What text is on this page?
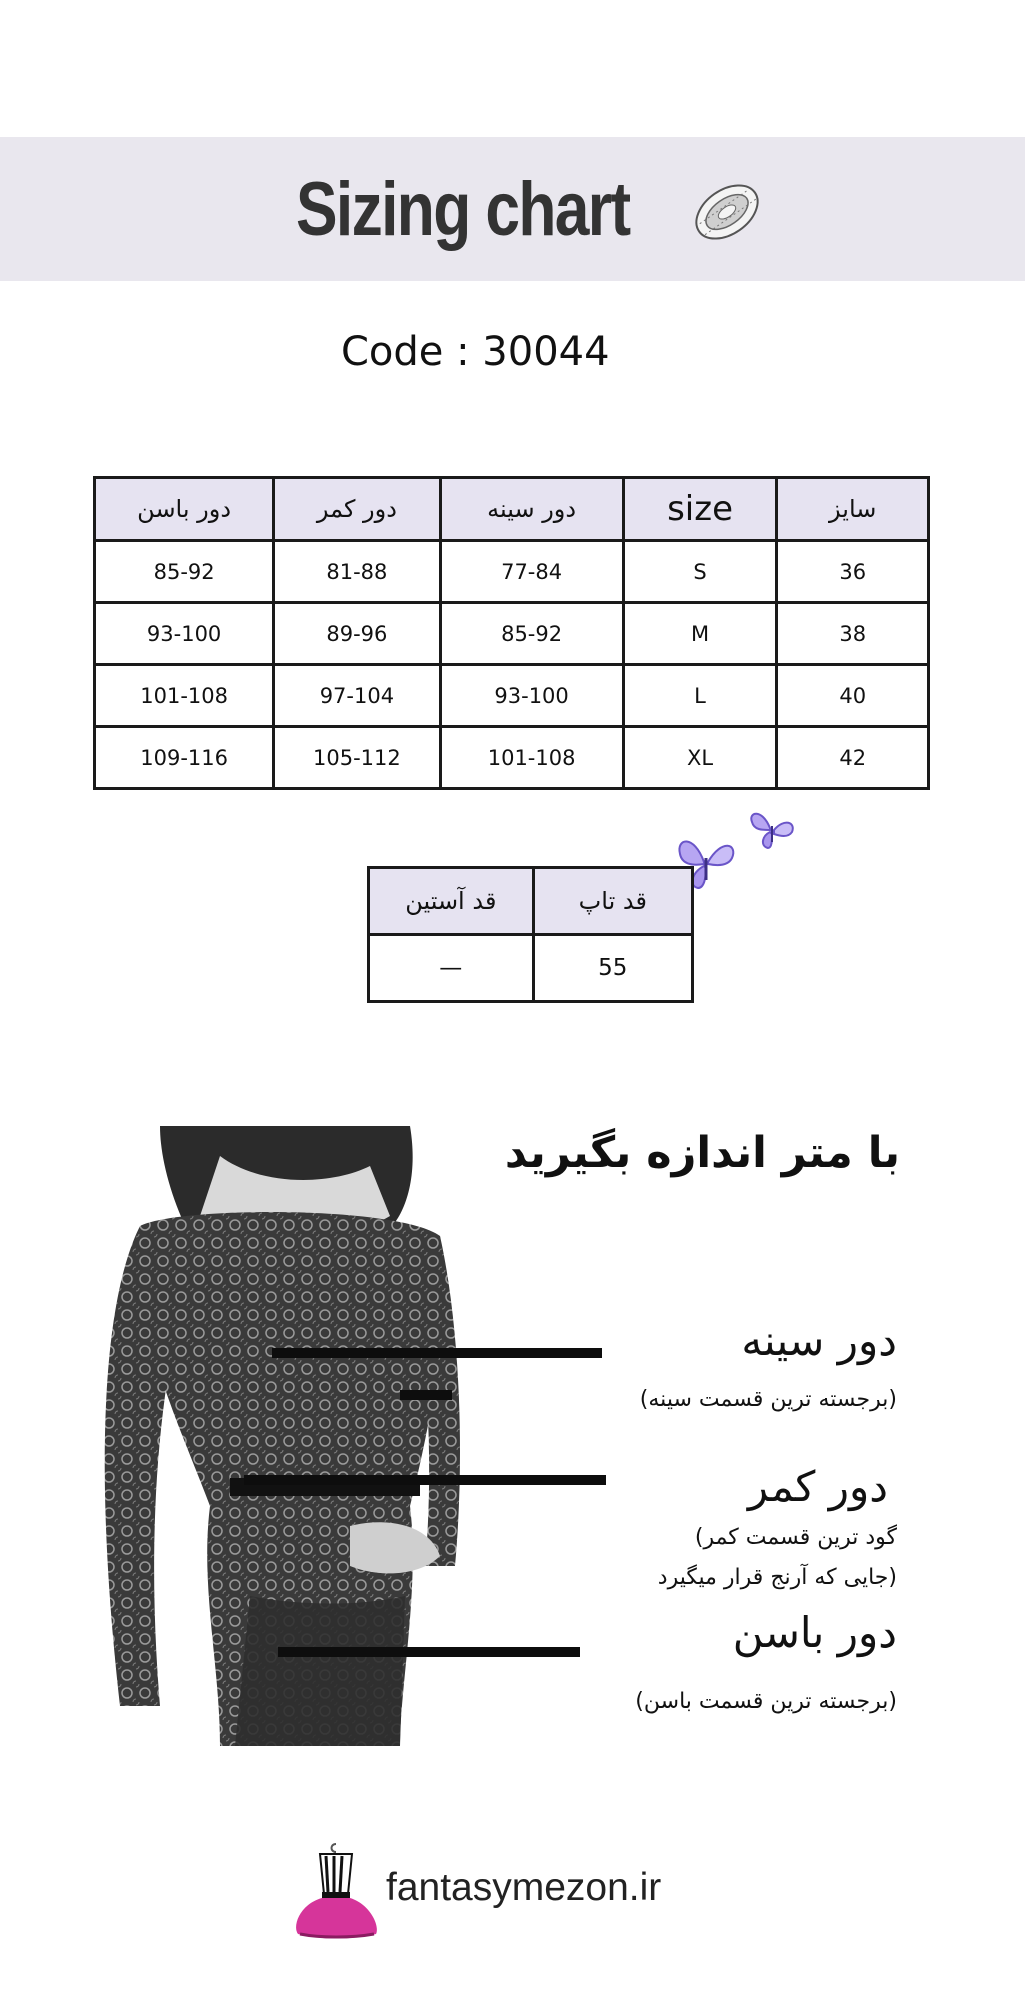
Sizing chart
Code : 30044
دور باسن	دور کمر	دور سینه	size	سایز
85-92	81-88	77-84	S	36
93-100	89-96	85-92	M	38
101-108	97-104	93-100	L	40
109-116	105-112	101-108	XL	42
قد آستین	قد تاپ
—	55
با متر اندازه بگیرید
دور سینه
(برجسته ترین قسمت سینه)
دور کمر
(گود ترین قسمت کمر
جایی که آرنج قرار میگیرد)
دور باسن
(برجسته ترین قسمت باسن)
fantasymezon.ir
